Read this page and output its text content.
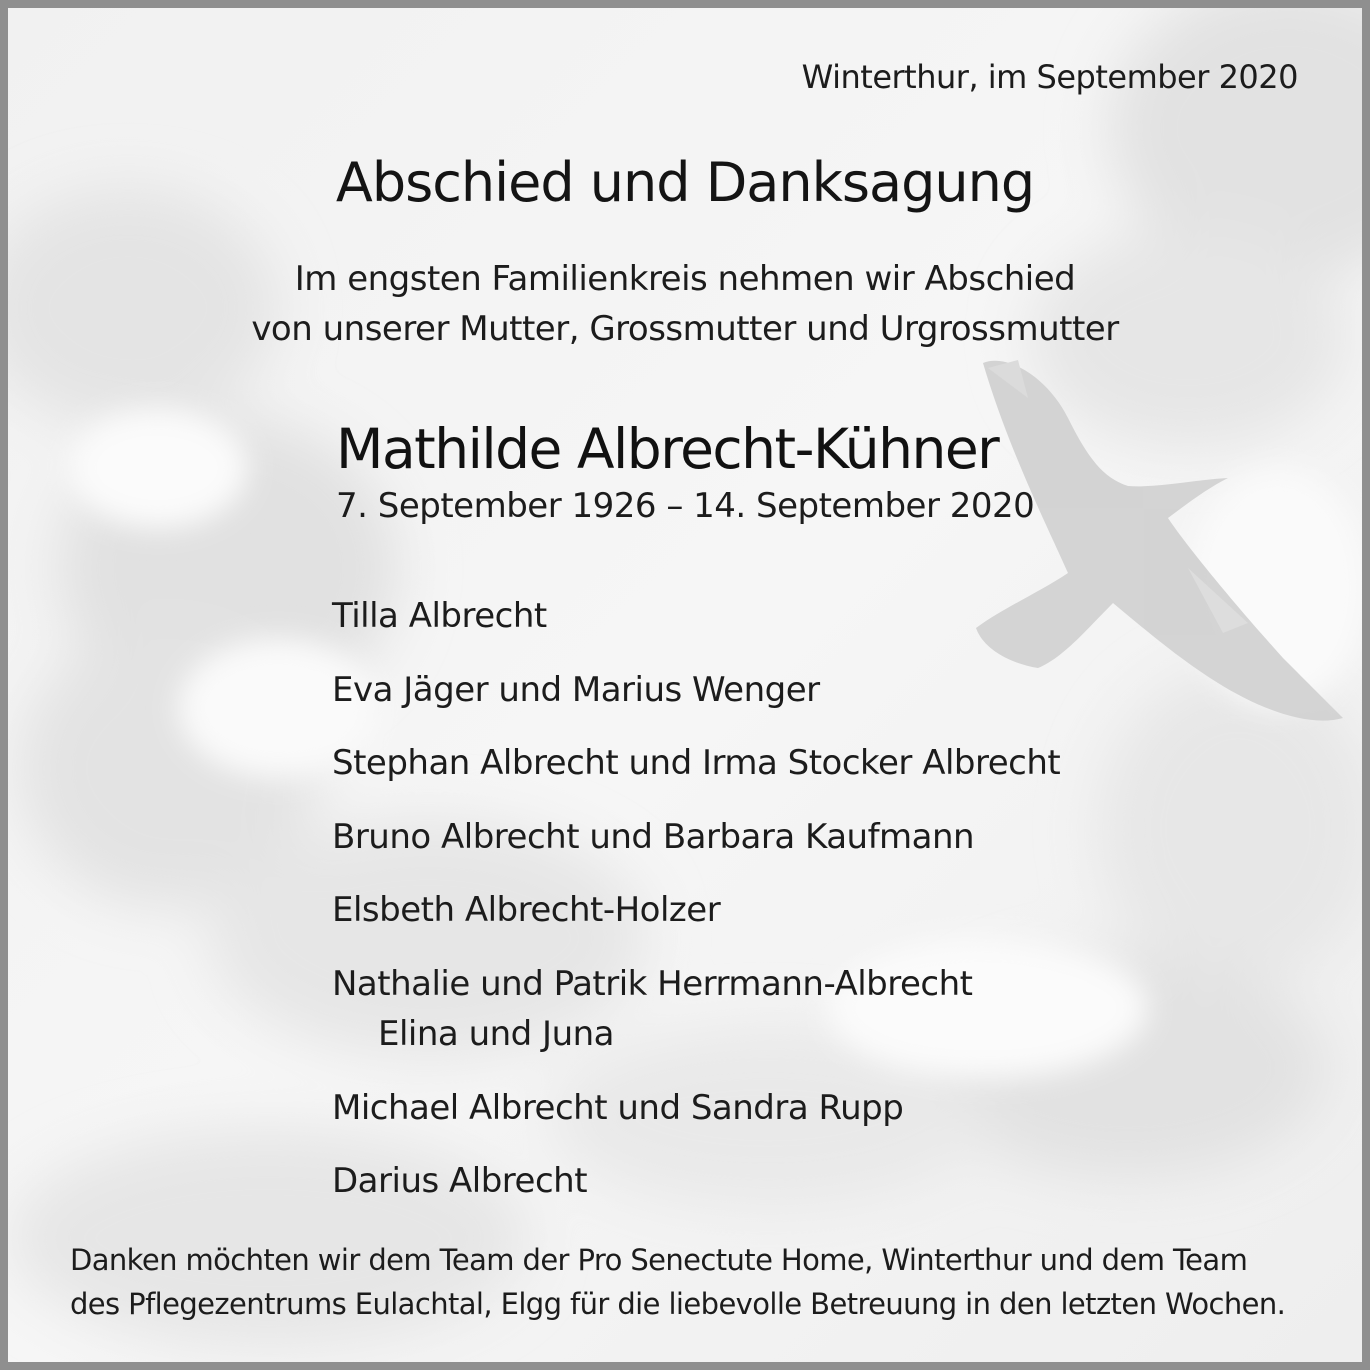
Winterthur, im September 2020

Abschied und Danksagung

Im engsten Familienkreis nehmen wir Abschied

von unserer Mutter, Grossmutter und Urgrossmutter

Mathilde Albrecht-Kühner

7. September 1926 – 14. September 2020

Tilla Albrecht

Eva Jäger und Marius Wenger

Stephan Albrecht und Irma Stocker Albrecht

Bruno Albrecht und Barbara Kaufmann

Elsbeth Albrecht-Holzer

Nathalie und Patrik Herrmann-Albrecht

Elina und Juna

Michael Albrecht und Sandra Rupp

Darius Albrecht

Danken möchten wir dem Team der Pro Senectute Home, Winterthur und dem Team

des Pflegezentrums Eulachtal, Elgg für die liebevolle Betreuung in den letzten Wochen.
